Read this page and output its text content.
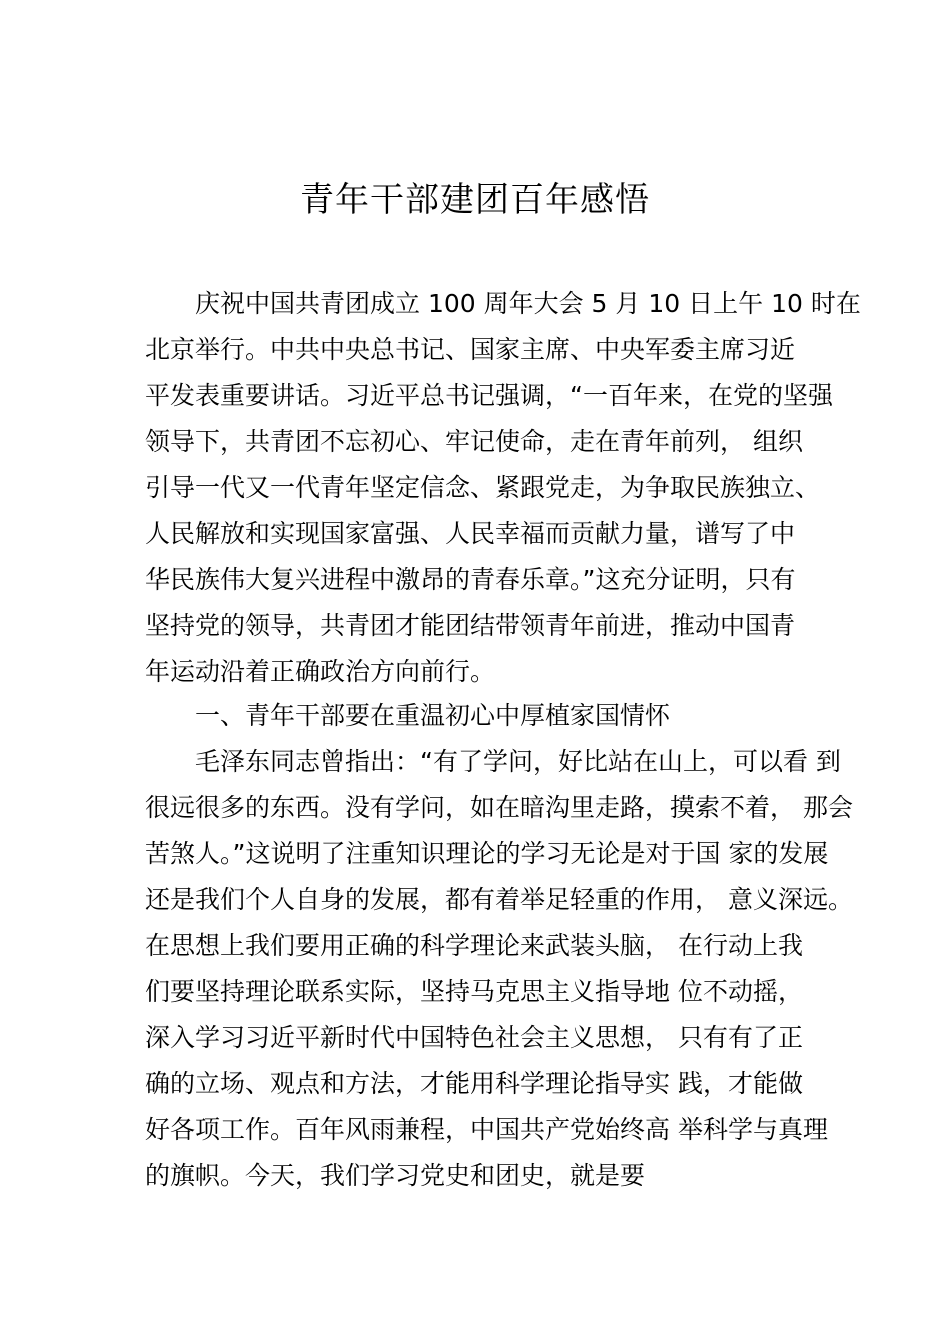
青年干部建团百年感悟

庆祝中国共青团成立 100 周年大会 5 月 10 日上午 10 时在

北京举行。中共中央总书记、国家主席、中央军委主席习近

平发表重要讲话。习近平总书记强调，“一百年来，在党的坚强

领导下，共青团不忘初心、牢记使命，走在青年前列， 组织

引导一代又一代青年坚定信念、紧跟党走，为争取民族独立、

人民解放和实现国家富强、人民幸福而贡献力量，谱写了中

华民族伟大复兴进程中激昂的青春乐章。”这充分证明，只有

坚持党的领导，共青团才能团结带领青年前进，推动中国青

年运动沿着正确政治方向前行。

一、青年干部要在重温初心中厚植家国情怀

毛泽东同志曾指出：“有了学问，好比站在山上，可以看 到

很远很多的东西。没有学问，如在暗沟里走路，摸索不着， 那会

苦煞人。”这说明了注重知识理论的学习无论是对于国 家的发展

还是我们个人自身的发展，都有着举足轻重的作用， 意义深远。

在思想上我们要用正确的科学理论来武装头脑， 在行动上我

们要坚持理论联系实际，坚持马克思主义指导地 位不动摇，

深入学习习近平新时代中国特色社会主义思想， 只有有了正

确的立场、观点和方法，才能用科学理论指导实 践，才能做

好各项工作。百年风雨兼程，中国共产党始终高 举科学与真理

的旗帜。今天，我们学习党史和团史，就是要
